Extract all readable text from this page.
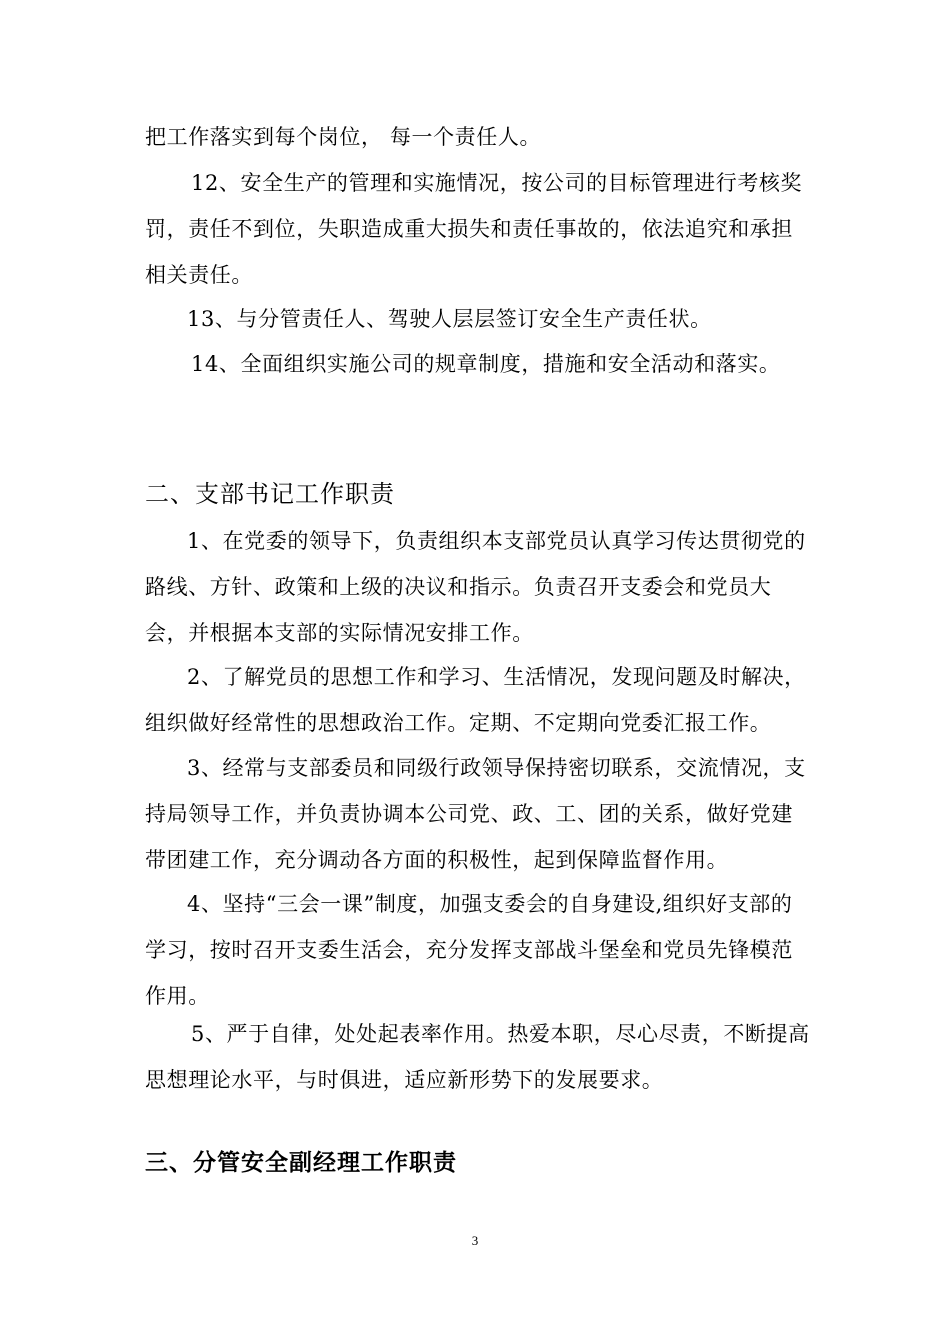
把工作落实到每个岗位， 每一个责任人。

12、安全生产的管理和实施情况，按公司的目标管理进行考核奖罚，责任不到位，失职造成重大损失和责任事故的，依法追究和承担相关责任。

13、与分管责任人、驾驶人层层签订安全生产责任状。

14、全面组织实施公司的规章制度，措施和安全活动和落实。

二、支部书记工作职责

1、在党委的领导下，负责组织本支部党员认真学习传达贯彻党的路线、方针、政策和上级的决议和指示。负责召开支委会和党员大会，并根据本支部的实际情况安排工作。

2、了解党员的思想工作和学习、生活情况，发现问题及时解决，组织做好经常性的思想政治工作。定期、不定期向党委汇报工作。

3、经常与支部委员和同级行政领导保持密切联系，交流情况，支持局领导工作，并负责协调本公司党、政、工、团的关系，做好党建带团建工作，充分调动各方面的积极性，起到保障监督作用。

4、坚持“三会一课”制度，加强支委会的自身建设,组织好支部的学习，按时召开支委生活会，充分发挥支部战斗堡垒和党员先锋模范作用。

5、严于自律，处处起表率作用。热爱本职，尽心尽责，不断提高思想理论水平，与时俱进，适应新形势下的发展要求。

三、分管安全副经理工作职责
3
